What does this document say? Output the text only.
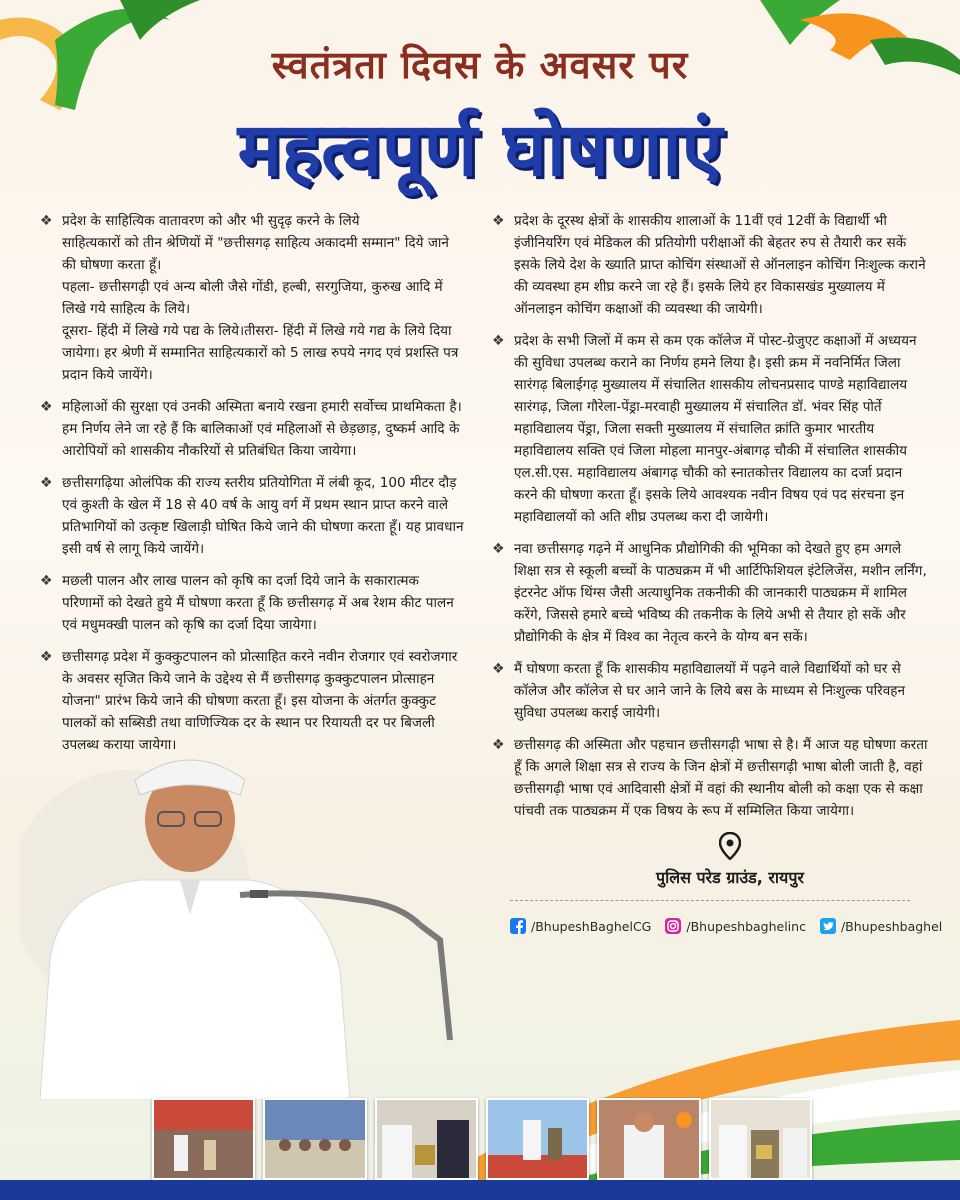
स्वतंत्रता दिवस के अवसर पर

महत्वपूर्ण घोषणाएं

❖ प्रदेश के साहित्यिक वातावरण को और भी सुदृढ़ करने के लिये

साहित्यकारों को तीन श्रेणियों में "छत्तीसगढ़ साहित्य अकादमी सम्मान" दिये जाने की घोषणा करता हूँ।

पहला- छत्तीसगढ़ी एवं अन्य बोली जैसे गोंडी, हल्बी, सरगुजिया, कुरुख आदि में लिखे गये साहित्य के लिये।

दूसरा- हिंदी में लिखे गये पद्य के लिये।तीसरा- हिंदी में लिखे गये गद्य के लिये दिया जायेगा। हर श्रेणी में सम्मानित साहित्यकारों को 5 लाख रुपये नगद एवं प्रशस्ति पत्र प्रदान किये जायेंगे।

❖ महिलाओं की सुरक्षा एवं उनकी अस्मिता बनाये रखना हमारी सर्वोच्च प्राथमिकता है। हम निर्णय लेने जा रहे हैं कि बालिकाओं एवं महिलाओं से छेड़छाड़, दुष्कर्म आदि के आरोपियों को शासकीय नौकरियों से प्रतिबंधित किया जायेगा।

❖ छत्तीसगढ़िया ओलंपिक की राज्य स्तरीय प्रतियोगिता में लंबी कूद, 100 मीटर दौड़ एवं कुश्ती के खेल में 18 से 40 वर्ष के आयु वर्ग में प्रथम स्थान प्राप्त करने वाले प्रतिभागियों को उत्कृष्ट खिलाड़ी घोषित किये जाने की घोषणा करता हूँ। यह प्रावधान इसी वर्ष से लागू किये जायेंगे।

❖ मछली पालन और लाख पालन को कृषि का दर्जा दिये जाने के सकारात्मक परिणामों को देखते हुये मैं घोषणा करता हूँ कि छत्तीसगढ़ में अब रेशम कीट पालन एवं मधुमक्खी पालन को कृषि का दर्जा दिया जायेगा।

❖ छत्तीसगढ़ प्रदेश में कुक्कुटपालन को प्रोत्साहित करने नवीन रोजगार एवं स्वरोजगार के अवसर सृजित किये जाने के उद्देश्य से मैं छत्तीसगढ़ कुक्कुटपालन प्रोत्साहन योजना" प्रारंभ किये जाने की घोषणा करता हूँ। इस योजना के अंतर्गत कुक्कुट पालकों को सब्सिडी तथा वाणिज्यिक दर के स्थान पर रियायती दर पर बिजली उपलब्ध कराया जायेगा।

❖ प्रदेश के दूरस्थ क्षेत्रों के शासकीय शालाओं के 11वीं एवं 12वीं के विद्यार्थी भी इंजीनियरिंग एवं मेडिकल की प्रतियोगी परीक्षाओं की बेहतर रुप से तैयारी कर सकें इसके लिये देश के ख्याति प्राप्त कोचिंग संस्थाओं से ऑनलाइन कोचिंग निःशुल्क कराने की व्यवस्था हम शीघ्र करने जा रहे हैं। इसके लिये हर विकासखंड मुख्यालय में ऑनलाइन कोचिंग कक्षाओं की व्यवस्था की जायेगी।

❖ प्रदेश के सभी जिलों में कम से कम एक कॉलेज में पोस्ट-ग्रेजुएट कक्षाओं में अध्ययन की सुविधा उपलब्ध कराने का निर्णय हमने लिया है। इसी क्रम में नवनिर्मित जिला सारंगढ़ बिलाईगढ़ मुख्यालय में संचालित शासकीय लोचनप्रसाद पाण्डे महाविद्यालय सारंगढ़, जिला गौरेला-पेंड्रा-मरवाही मुख्यालय में संचालित डॉ. भंवर सिंह पोर्ते महाविद्यालय पेंड्रा, जिला सक्ती मुख्यालय में संचालित क्रांति कुमार भारतीय महाविद्यालय सक्ति एवं जिला मोहला मानपुर-अंबागढ़ चौकी में संचालित शासकीय एल.सी.एस. महाविद्यालय अंबागढ़ चौकी को स्नातकोत्तर विद्यालय का दर्जा प्रदान करने की घोषणा करता हूँ। इसके लिये आवश्यक नवीन विषय एवं पद संरचना इन महाविद्यालयों को अति शीघ्र उपलब्ध करा दी जायेगी।

❖ नवा छत्तीसगढ़ गढ़ने में आधुनिक प्रौद्योगिकी की भूमिका को देखते हुए हम अगले शिक्षा सत्र से स्कूली बच्चों के पाठ्यक्रम में भी आर्टिफिशियल इंटेलिजेंस, मशीन लर्निंग, इंटरनेट ऑफ थिंग्स जैसी अत्याधुनिक तकनीकी की जानकारी पाठ्यक्रम में शामिल करेंगे, जिससे हमारे बच्चे भविष्य की तकनीक के लिये अभी से तैयार हो सकें और प्रौद्योगिकी के क्षेत्र में विश्व का नेतृत्व करने के योग्य बन सकें।

❖ मैं घोषणा करता हूँ कि शासकीय महाविद्यालयों में पढ़ने वाले विद्यार्थियों को घर से कॉलेज और कॉलेज से घर आने जाने के लिये बस के माध्यम से निःशुल्क परिवहन सुविधा उपलब्ध कराई जायेगी।

❖ छत्तीसगढ़ की अस्मिता और पहचान छत्तीसगढ़ी भाषा से है। मैं आज यह घोषणा करता हूँ कि अगले शिक्षा सत्र से राज्य के जिन क्षेत्रों में छत्तीसगढ़ी भाषा बोली जाती है, वहां छत्तीसगढ़ी भाषा एवं आदिवासी क्षेत्रों में वहां की स्थानीय बोली को कक्षा एक से कक्षा पांचवी तक पाठ्यक्रम में एक विषय के रूप में सम्मिलित किया जायेगा।

पुलिस परेड ग्राउंड, रायपुर
/BhupeshBaghelCG	/Bhupeshbaghelinc	/Bhupeshbaghel
